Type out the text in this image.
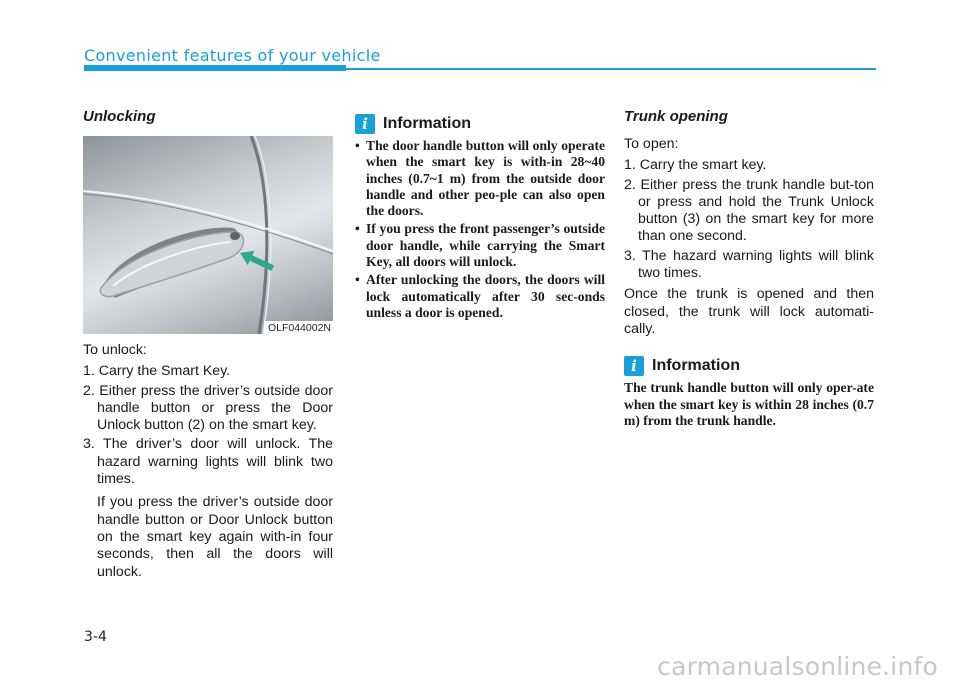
Convenient features of your vehicle
Unlocking
OLF044002N

To unlock:

1. Carry the Smart Key.
2. Either press the driver’s outside door handle button or press the Door Unlock button (2) on the smart key.
3. The driver’s door will unlock. The hazard warning lights will blink two times.

If you press the driver’s outside door handle button or Door Unlock button on the smart key again with-in four seconds, then all the doors will unlock.

i Information
• The door handle button will only operate when the smart key is with-in 28~40 inches (0.7~1 m) from the outside door handle and other peo-ple can also open the doors.
• If you press the front passenger’s outside door handle, while carrying the Smart Key, all doors will unlock.
• After unlocking the doors, the doors will lock automatically after 30 sec-onds unless a door is opened.
Trunk opening

To open:

1. Carry the smart key.
2. Either press the trunk handle but-ton or press and hold the Trunk Unlock button (3) on the smart key for more than one second.
3. The hazard warning lights will blink two times.

Once the trunk is opened and then closed, the trunk will lock automati-cally.

i Information

The trunk handle button will only oper-ate when the smart key is within 28 inches (0.7 m) from the trunk handle.

3-4
carmanualsonline.info
